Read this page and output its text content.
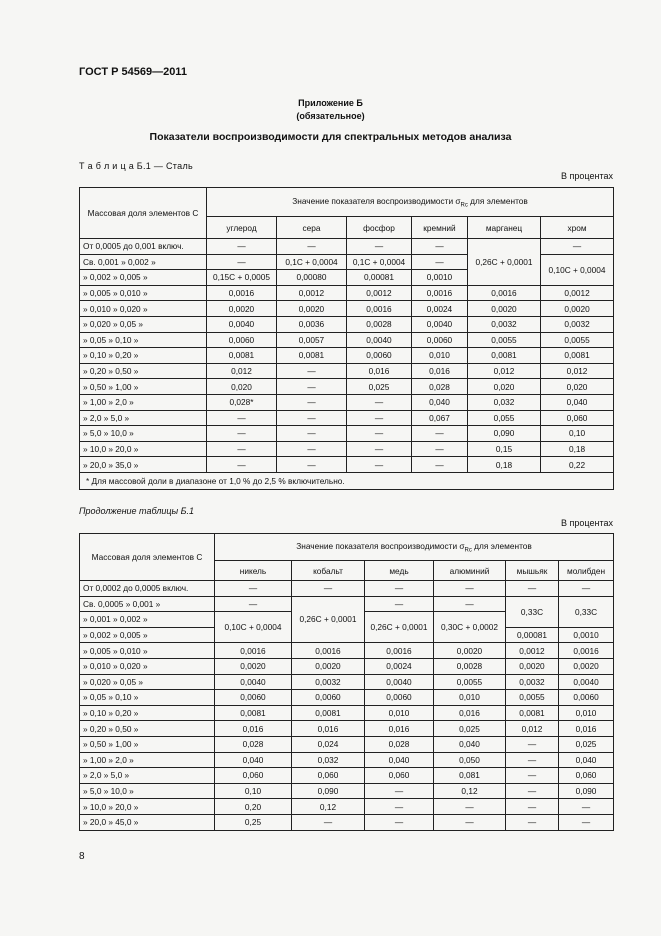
ГОСТ Р 54569—2011
Приложение Б
(обязательное)
Показатели воспроизводимости для спектральных методов анализа
Т а б л и ц а Б.1 — Сталь
В процентах
Массовая доля элементов С	Значение показателя воспроизводимости $\sigma_{Rc}$ для элементов					
	углерод	сера	фосфор	кремний	марганец	хром
От 0,0005 до 0,001 включ.	—	—	—	—	0,26C + 0,0001	—
Св. 0,001 » 0,002 »	—	0,1C + 0,0004	0,1C + 0,0004	—		0,10C + 0,0004
» 0,002 » 0,005 »	0,15C + 0,0005	0,00080	0,00081	0,0010		
» 0,005 » 0,010 »	0,0016	0,0012	0,0012	0,0016	0,0016	0,0012
» 0,010 » 0,020 »	0,0020	0,0020	0,0016	0,0024	0,0020	0,0020
» 0,020 » 0,05 »	0,0040	0,0036	0,0028	0,0040	0,0032	0,0032
» 0,05 » 0,10 »	0,0060	0,0057	0,0040	0,0060	0,0055	0,0055
» 0,10 » 0,20 »	0,0081	0,0081	0,0060	0,010	0,0081	0,0081
» 0,20 » 0,50 »	0,012	—	0,016	0,016	0,012	0,012
» 0,50 » 1,00 »	0,020	—	0,025	0,028	0,020	0,020
» 1,00 » 2,0 »	0,028*	—	—	0,040	0,032	0,040
» 2,0 » 5,0 »	—	—	—	0,067	0,055	0,060
» 5,0 » 10,0 »	—	—	—	—	0,090	0,10
» 10,0 » 20,0 »	—	—	—	—	0,15	0,18
» 20,0 » 35,0 »	—	—	—	—	0,18	0,22
* Для массовой доли в диапазоне от 1,0 % до 2,5 % включительно.						
Продолжение таблицы Б.1
В процентах
Массовая доля элементов С	Значение показателя воспроизводимости $\sigma_{Rc}$ для элементов					
	никель	кобальт	медь	алюминий	мышьяк	молибден
От 0,0002 до 0,0005 включ.	—	—	—	—	—	—
Св. 0,0005 » 0,001 »	—	0,26C + 0,0001	—	—	0,33C	0,33C
» 0,001 » 0,002 »	0,10C + 0,0004		0,26C + 0,0001	0,30C + 0,0002		
» 0,002 » 0,005 »					0,00081	0,0010
» 0,005 » 0,010 »	0,0016	0,0016	0,0016	0,0020	0,0012	0,0016
» 0,010 » 0,020 »	0,0020	0,0020	0,0024	0,0028	0,0020	0,0020
» 0,020 » 0,05 »	0,0040	0,0032	0,0040	0,0055	0,0032	0,0040
» 0,05 » 0,10 »	0,0060	0,0060	0,0060	0,010	0,0055	0,0060
» 0,10 » 0,20 »	0,0081	0,0081	0,010	0,016	0,0081	0,010
» 0,20 » 0,50 »	0,016	0,016	0,016	0,025	0,012	0,016
» 0,50 » 1,00 »	0,028	0,024	0,028	0,040	—	0,025
» 1,00 » 2,0 »	0,040	0,032	0,040	0,050	—	0,040
» 2,0 » 5,0 »	0,060	0,060	0,060	0,081	—	0,060
» 5,0 » 10,0 »	0,10	0,090	—	0,12	—	0,090
» 10,0 » 20,0 »	0,20	0,12	—	—	—	—
» 20,0 » 45,0 »	0,25	—	—	—	—	—
8
